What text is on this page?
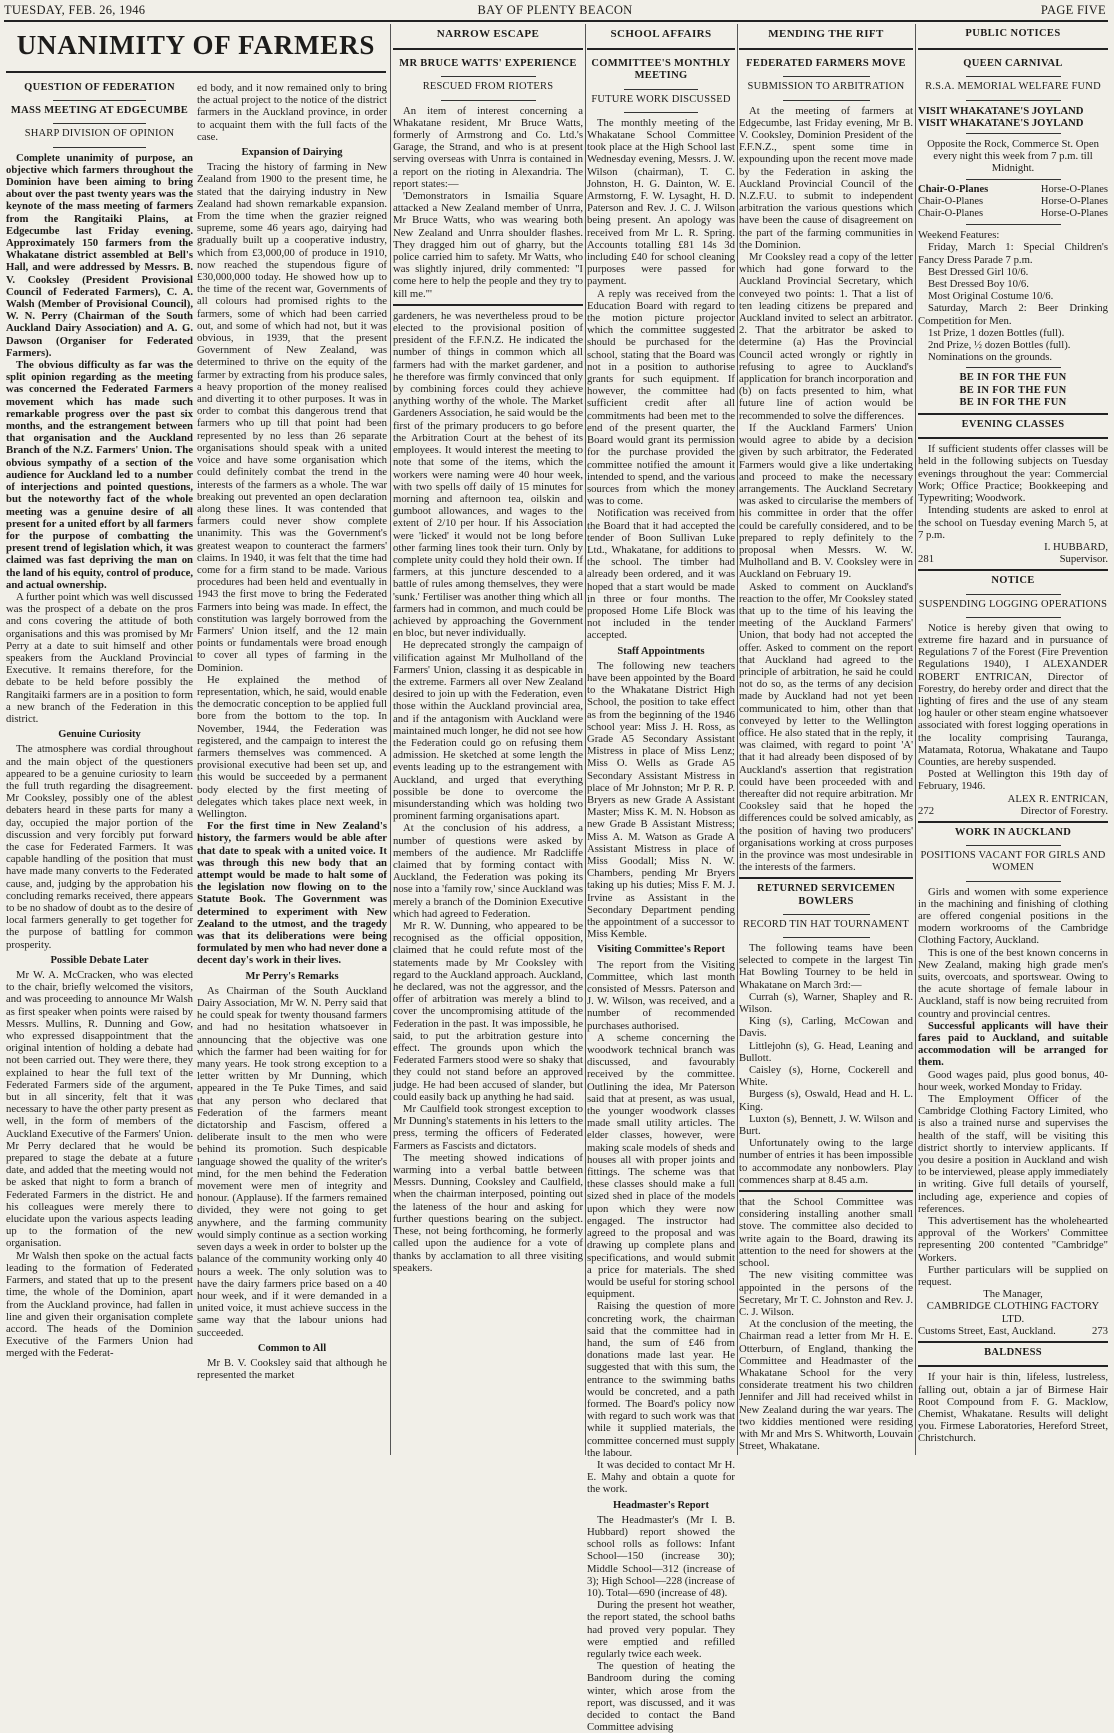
TUESDAY, FEB. 26, 1946	BAY OF PLENTY BEACON	PAGE FIVE
UNANIMITY OF FARMERS
QUESTION OF FEDERATION
MASS MEETING AT EDGECUMBE
SHARP DIVISION OF OPINION

Complete unanimity of purpose, an objective which farmers throughout the Dominion have been aiming to bring about over the past twenty years was the keynote of the mass meeting of farmers from the Rangitaiki Plains, at Edgecumbe last Friday evening. Approximately 150 farmers from the Whakatane district assembled at Bell's Hall, and were addressed by Messrs. B. V. Cooksley (President Provisional Council of Federated Farmers), C. A. Walsh (Member of Provisional Council), W. N. Perry (Chairman of the South Auckland Dairy Association) and A. G. Dawson (Organiser for Federated Farmers).

The obvious difficulty as far was the split opinion regarding as the meeting was concerned the Federated Farmers movement which has made such remarkable progress over the past six months, and the estrangement between that organisation and the Auckland Branch of the N.Z. Farmers' Union. The obvious sympathy of a section of the audience for Auckland led to a number of interjections and pointed questions, but the noteworthy fact of the whole meeting was a genuine desire of all present for a united effort by all farmers for the purpose of combatting the present trend of legislation which, it was claimed was fast depriving the man on the land of his equity, control of produce, and actual ownership.

A further point which was well discussed was the prospect of a debate on the pros and cons covering the attitude of both organisations and this was promised by Mr Perry at a date to suit himself and other speakers from the Auckland Provincial Executive. It remains therefore, for the debate to be held before possibly the Rangitaiki farmers are in a position to form a new branch of the Federation in this district.

Genuine Curiosity

The atmosphere was cordial throughout and the main object of the questioners appeared to be a genuine curiosity to learn the full truth regarding the disagreement. Mr Cooksley, possibly one of the ablest debaters heard in these parts for many a day, occupied the major portion of the discussion and very forcibly put forward the case for Federated Farmers. It was capable handling of the position that must have made many converts to the Federated cause, and, judging by the approbation his concluding remarks received, there appears to be no shadow of doubt as to the desire of local farmers generally to get together for the purpose of battling for common prosperity.

Possible Debate Later

Mr W. A. McCracken, who was elected to the chair, briefly welcomed the visitors, and was proceeding to announce Mr Walsh as first speaker when points were raised by Messrs. Mullins, R. Dunning and Gow, who expressed disappointment that the original intention of holding a debate had not been carried out. They were there, they explained to hear the full text of the Federated Farmers side of the argument, but in all sincerity, felt that it was necessary to have the other party present as well, in the form of members of the Auckland Executive of the Farmers' Union. Mr Perry declared that he would be prepared to stage the debate at a future date, and added that the meeting would not be asked that night to form a branch of Federated Farmers in the district. He and his colleagues were merely there to elucidate upon the various aspects leading up to the formation of the new organisation.

Mr Walsh then spoke on the actual facts leading to the formation of Federated Farmers, and stated that up to the present time, the whole of the Dominion, apart from the Auckland province, had fallen in line and given their organisation complete accord. The heads of the Dominion Executive of the Farmers Union had merged with the Federat-

ed body, and it now remained only to bring the actual project to the notice of the district farmers in the Auckland province, in order to acquaint them with the full facts of the case.

Expansion of Dairying

Tracing the history of farming in New Zealand from 1900 to the present time, he stated that the dairying industry in New Zealand had shown remarkable expansion. From the time when the grazier reigned supreme, some 46 years ago, dairying had gradually built up a cooperative industry, which from £3,000,00 of produce in 1910, now reached the stupendous figure of £30,000,000 today. He showed how up to the time of the recent war, Governments of all colours had promised rights to the farmers, some of which had been carried out, and some of which had not, but it was obvious, in 1939, that the present Government of New Zealand, was determined to thrive on the equity of the farmer by extracting from his produce sales, a heavy proportion of the money realised and diverting it to other purposes. It was in order to combat this dangerous trend that farmers who up till that point had been represented by no less than 26 separate organisations should speak with a united voice and have some organisation which could definitely combat the trend in the interests of the farmers as a whole. The war breaking out prevented an open declaration along these lines. It was contended that farmers could never show complete unanimity. This was the Government's greatest weapon to counteract the farmers' claims. In 1940, it was felt that the time had come for a firm stand to be made. Various procedures had been held and eventually in 1943 the first move to bring the Federated Farmers into being was made. In effect, the constitution was largely borrowed from the Farmers' Union itself, and the 12 main points or fundamentals were broad enough to cover all types of farming in the Dominion.

He explained the method of representation, which, he said, would enable the democratic conception to be applied full bore from the bottom to the top. In November, 1944, the Federation was registered, and the campaign to interest the farmers themselves was commenced. A provisional executive had been set up, and this would be succeeded by a permanent body elected by the first meeting of delegates which takes place next week, in Wellington.

For the first time in New Zealand's history, the farmers would be able after that date to speak with a united voice. It was through this new body that an attempt would be made to halt some of the legislation now flowing on to the Statute Book. The Government was determined to experiment with New Zealand to the utmost, and the tragedy was that its deliberations were being formulated by men who had never done a decent day's work in their lives.

Mr Perry's Remarks

As Chairman of the South Auckland Dairy Association, Mr W. N. Perry said that he could speak for twenty thousand farmers and had no hesitation whatsoever in announcing that the objective was one which the farmer had been waiting for for many years. He took strong exception to a letter written by Mr Dunning, which appeared in the Te Puke Times, and said that any person who declared that Federation of the farmers meant dictatorship and Fascism, offered a deliberate insult to the men who were behind its promotion. Such despicable language showed the quality of the writer's mind, for the men behind the Federation movement were men of integrity and honour. (Applause). If the farmers remained divided, they were not going to get anywhere, and the farming community would simply continue as a section working seven days a week in order to bolster up the balance of the community working only 40 hours a week. The only solution was to have the dairy farmers price based on a 40 hour week, and if it were demanded in a united voice, it must achieve success in the same way that the labour unions had succeeded.

Common to All

Mr B. V. Cooksley said that although he represented the market

NARROW ESCAPE
MR BRUCE WATTS' EXPERIENCE
RESCUED FROM RIOTERS

An item of interest concerning a Whakatane resident, Mr Bruce Watts, formerly of Armstrong and Co. Ltd.'s Garage, the Strand, and who is at present serving overseas with Unrra is contained in a report on the rioting in Alexandria. The report states:—

'Demonstrators in Ismailia Square attacked a New Zealand member of Unrra, Mr Bruce Watts, who was wearing both New Zealand and Unrra shoulder flashes. They dragged him out of gharry, but the police carried him to safety. Mr Watts, who was slightly injured, drily commented: "I come here to help the people and they try to kill me."'

gardeners, he was nevertheless proud to be elected to the provisional position of president of the F.F.N.Z. He indicated the number of things in common which all farmers had with the market gardener, and he therefore was firmly convinced that only by combining forces could they achieve anything worthy of the whole. The Market Gardeners Association, he said would be the first of the primary producers to go before the Arbitration Court at the behest of its employees. It would interest the meeting to note that some of the items, which the workers were naming were 40 hour week, with two spells off daily of 15 minutes for morning and afternoon tea, oilskin and gumboot allowances, and wages to the extent of 2/10 per hour. If his Association were 'licked' it would not be long before other farming lines took their turn. Only by complete unity could they hold their own. If farmers, at this juncture descended to a battle of rules among themselves, they were 'sunk.' Fertiliser was another thing which all farmers had in common, and much could be achieved by approaching the Government en bloc, but never individually.

He deprecated strongly the campaign of vilification against Mr Mulholland of the Farmers' Union, classing it as despicable in the extreme. Farmers all over New Zealand desired to join up with the Federation, even those within the Auckland provincial area, and if the antagonism with Auckland were maintained much longer, he did not see how the Federation could go on refusing them admission. He sketched at some length the events leading up to the estrangement with Auckland, and urged that everything possible be done to overcome the misunderstanding which was holding two prominent farming organisations apart.

At the conclusion of his address, a number of questions were asked by members of the audience. Mr Radcliffe claimed that by forming contact with Auckland, the Federation was poking its nose into a 'family row,' since Auckland was merely a branch of the Dominion Executive which had agreed to Federation.

Mr R. W. Dunning, who appeared to be recognised as the official opposition, claimed that he could refute most of the statements made by Mr Cooksley with regard to the Auckland approach. Auckland, he declared, was not the aggressor, and the offer of arbitration was merely a blind to cover the uncompromising attitude of the Federation in the past. It was impossible, he said, to put the arbitration gesture into effect. The grounds upon which the Federated Farmers stood were so shaky that they could not stand before an approved judge. He had been accused of slander, but could easily back up anything he had said.

Mr Caulfield took strongest exception to Mr Dunning's statements in his letters to the press, terming the officers of Federated Farmers as Fascists and dictators.

The meeting showed indications of warming into a verbal battle between Messrs. Dunning, Cooksley and Caulfield, when the chairman interposed, pointing out the lateness of the hour and asking for further questions bearing on the subject. These, not being forthcoming, he formerly called upon the audience for a vote of thanks by acclamation to all three visiting speakers.

SCHOOL AFFAIRS
COMMITTEE'S MONTHLY MEETING
FUTURE WORK DISCUSSED

The monthly meeting of the Whakatane School Committee took place at the High School last Wednesday evening, Messrs. J. W. Wilson (chairman), T. C. Johnston, H. G. Dainton, W. E. Armstorng, F. W. Lysaght, H. D. Paterson and Rev. J. C. J. Wilson being present. An apology was received from Mr L. R. Spring. Accounts totalling £81 14s 3d including £40 for school cleaning purposes were passed for payment.

A reply was received from the Education Board with regard to the motion picture projector which the committee suggested should be purchased for the school, stating that the Board was not in a position to authorise grants for such equipment. If however, the committee had sufficient credit after all commitments had been met to the end of the present quarter, the Board would grant its permission for the purchase provided the committee notified the amount it intended to spend, and the various sources from which the money was to come.

Notification was received from the Board that it had accepted the tender of Boon Sullivan Luke Ltd., Whakatane, for additions to the school. The timber had already been ordered, and it was hoped that a start would be made in three or four months. The proposed Home Life Block was not included in the tender accepted.

Staff Appointments

The following new teachers have been appointed by the Board to the Whakatane District High School, the position to take effect as from the beginning of the 1946 school year: Miss J. H. Ross, as Grade A5 Secondary Assistant Mistress in place of Miss Lenz; Miss O. Wells as Grade A5 Secondary Assistant Mistress in place of Mr Johnston; Mr P. R. P. Bryers as new Grade A Assistant Master; Miss K. M. N. Hobson as new Grade B Assistant Mistress; Miss A. M. Watson as Grade A Assistant Mistress in place of Miss Goodall; Miss N. W. Chambers, pending Mr Bryers taking up his duties; Miss F. M. J. Irvine as Assistant in the Secondary Department pending the appointment of a successor to Miss Kemble.

Visiting Committee's Report

The report from the Visiting Committee, which last month consisted of Messrs. Paterson and J. W. Wilson, was received, and a number of recommended purchases authorised.

A scheme concerning the woodwork technical branch was discussed, and favourably received by the committee. Outlining the idea, Mr Paterson said that at present, as was usual, the younger woodwork classes made small utility articles. The elder classes, however, were making scale models of sheds and houses all with proper joints and fittings. The scheme was that these classes should make a full sized shed in place of the models upon which they were now engaged. The instructor had agreed to the proposal and was drawing up complete plans and specifications, and would submit a price for materials. The shed would be useful for storing school equipment.

Raising the question of more concreting work, the chairman said that the committee had in hand, the sum of £46 from donations made last year. He suggested that with this sum, the entrance to the swimming baths would be concreted, and a path formed. The Board's policy now with regard to such work was that while it supplied materials, the committee concerned must supply the labour.

It was decided to contact Mr H. E. Mahy and obtain a quote for the work.

Headmaster's Report

The Headmaster's (Mr I. B. Hubbard) report showed the school rolls as follows: Infant School—150 (increase 30); Middle School—312 (increase of 3); High School—228 (increase of 10). Total—690 (increase of 48).

During the present hot weather, the report stated, the school baths had proved very popular. They were emptied and refilled regularly twice each week.

The question of heating the Bandroom during the coming winter, which arose from the report, was discussed, and it was decided to contact the Band Committee advising

MENDING THE RIFT
FEDERATED FARMERS MOVE
SUBMISSION TO ARBITRATION

At the meeting of farmers at Edgecumbe, last Friday evening, Mr B. V. Cooksley, Dominion President of the F.F.N.Z., spent some time in expounding upon the recent move made by the Federation in asking the Auckland Provincial Council of the N.Z.F.U. to submit to independent arbitration the various questions which have been the cause of disagreement on the part of the farming communities in the Dominion.

Mr Cooksley read a copy of the letter which had gone forward to the Auckland Provincial Secretary, which conveyed two points: 1. That a list of ten leading citizens be prepared and Auckland invited to select an arbitrator. 2. That the arbitrator be asked to determine (a) Has the Provincial Council acted wrongly or rightly in refusing to agree to Auckland's application for branch incorporation and (b) on facts presented to him, what future line of action would be recommended to solve the differences.

If the Auckland Farmers' Union would agree to abide by a decision given by such arbitrator, the Federated Farmers would give a like undertaking and proceed to make the necessary arrangements. The Auckland Secretary was asked to circularise the members of his committee in order that the offer could be carefully considered, and to be prepared to reply definitely to the proposal when Messrs. W. W. Mulholland and B. V. Cooksley were in Auckland on February 19.

Asked to comment on Auckland's reaction to the offer, Mr Cooksley stated that up to the time of his leaving the meeting of the Auckland Farmers' Union, that body had not accepted the offer. Asked to comment on the report that Auckland had agreed to the principle of arbitration, he said he could not do so, as the terms of any decision made by Auckland had not yet been communicated to him, other than that conveyed by letter to the Wellington office. He also stated that in the reply, it was claimed, with regard to point 'A' that it had already been disposed of by Auckland's assertion that registration could have been proceeded with and thereafter did not require arbitration. Mr Cooksley said that he hoped the differences could be solved amicably, as the position of having two producers' organisations working at cross purposes in the province was most undesirable in the interests of the farmers.

RETURNED SERVICEMEN BOWLERS
RECORD TIN HAT TOURNAMENT

The following teams have been selected to compete in the largest Tin Hat Bowling Tourney to be held in Whakatane on March 3rd:—

Currah (s), Warner, Shapley and R. Wilson.

King (s), Carling, McCowan and Davis.

Littlejohn (s), G. Head, Leaning and Bullott.

Caisley (s), Horne, Cockerell and White.

Burgess (s), Oswald, Head and H. L. King.

Luxton (s), Bennett, J. W. Wilson and Burt.

Unfortunately owing to the large number of entries it has been impossible to accommodate any nonbowlers. Play commences sharp at 8.45 a.m.

that the School Committee was considering installing another small stove. The committee also decided to write again to the Board, drawing its attention to the need for showers at the school.

The new visiting committee was appointed in the persons of the Secretary, Mr T. C. Johnston and Rev. J. C. J. Wilson.

At the conclusion of the meeting, the Chairman read a letter from Mr H. E. Otterburn, of England, thanking the Committee and Headmaster of the Whakatane School for the very considerate treatment his two children Jennifer and Jill had received whilst in New Zealand during the war years. The two kiddies mentioned were residing with Mr and Mrs S. Whitworth, Louvain Street, Whakatane.

PUBLIC NOTICES
QUEEN CARNIVAL
R.S.A. MEMORIAL WELFARE FUND
VISIT WHAKATANE'S JOYLAND
VISIT WHAKATANE'S JOYLAND

Opposite the Rock, Commerce St. Open every night this week from 7 p.m. till Midnight.

Chair-O-Planes	Horse-O-Planes
Chair-O-Planes	Horse-O-Planes
Chair-O-Planes	Horse-O-Planes
Weekend Features:

Friday, March 1: Special Children's Fancy Dress Parade 7 p.m.

Best Dressed Girl 10/6.

Best Dressed Boy 10/6.

Most Original Costume 10/6.

Saturday, March 2: Beer Drinking Competition for Men.

1st Prize, 1 dozen Bottles (full).

2nd Prize, ½ dozen Bottles (full).

Nominations on the grounds.

BE IN FOR THE FUN
BE IN FOR THE FUN
BE IN FOR THE FUN
EVENING CLASSES

If sufficient students offer classes will be held in the following subjects on Tuesday evenings throughout the year: Commercial Work; Office Practice; Bookkeeping and Typewriting; Woodwork.

Intending students are asked to enrol at the school on Tuesday evening March 5, at 7 p.m.

I. HUBBARD,
281	Supervisor.
NOTICE
SUSPENDING LOGGING OPERATIONS

Notice is hereby given that owing to extreme fire hazard and in pursuance of Regulations 7 of the Forest (Fire Prevention Regulations 1940), I ALEXANDER ROBERT ENTRICAN, Director of Forestry, do hereby order and direct that the lighting of fires and the use of any steam log hauler or other steam engine whatsoever associated with forest logging operations in the locality comprising Tauranga, Matamata, Rotorua, Whakatane and Taupo Counties, are hereby suspended.

Posted at Wellington this 19th day of February, 1946.

ALEX R. ENTRICAN,
272	Director of Forestry.
WORK IN AUCKLAND
POSITIONS VACANT FOR GIRLS AND WOMEN

Girls and women with some experience in the machining and finishing of clothing are offered congenial positions in the modern workrooms of the Cambridge Clothing Factory, Auckland.

This is one of the best known concerns in New Zealand, making high grade men's suits, overcoats, and sportswear. Owing to the acute shortage of female labour in Auckland, staff is now being recruited from country and provincial centres.

Successful applicants will have their fares paid to Auckland, and suitable accommodation will be arranged for them.

Good wages paid, plus good bonus, 40-hour week, worked Monday to Friday.

The Employment Officer of the Cambridge Clothing Factory Limited, who is also a trained nurse and supervises the health of the staff, will be visiting this district shortly to interview applicants. If you desire a position in Auckland and wish to be interviewed, please apply immediately in writing. Give full details of yourself, including age, experience and copies of references.

This advertisement has the wholehearted approval of the Workers' Committee representing 200 contented "Cambridge" Workers.

Further particulars will be supplied on request.

The Manager,
CAMBRIDGE CLOTHING FACTORY LTD.
Customs Street, East, Auckland.	273
BALDNESS

If your hair is thin, lifeless, lustreless, falling out, obtain a jar of Birmese Hair Root Compound from F. G. Macklow, Chemist, Whakatane. Results will delight you. Firmese Laboratories, Hereford Street, Christchurch.
